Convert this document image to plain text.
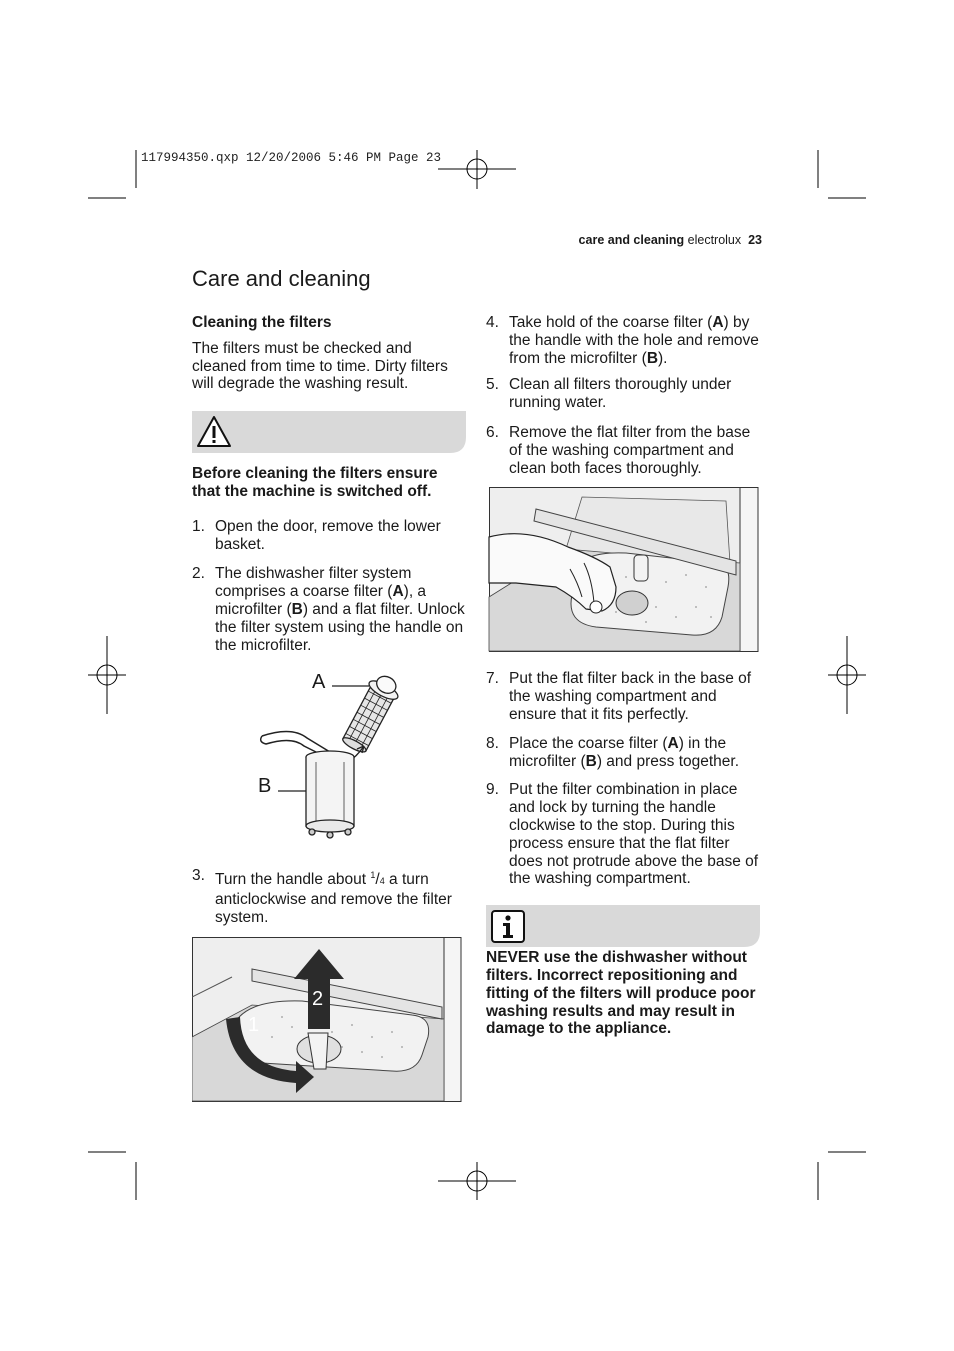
117994350.qxp 12/20/2006 5:46 PM Page 23
care and cleaning electrolux 23
Care and cleaning
Cleaning the filters

The filters must be checked and cleaned from time to time. Dirty filters will degrade the washing result.

Before cleaning the filters ensure that the machine is switched off.

1. Open the door, remove the lower basket.
2. The dishwasher filter system comprises a coarse filter (A), a microfilter (B) and a flat filter. Unlock the filter system using the handle on the microfilter.
A
B
3. Turn the handle about $^1$/4 a turn anticlockwise and remove the filter system.
2
1
4. Take hold of the coarse filter (A) by the handle with the hole and remove from the microfilter (B).
5. Clean all filters thoroughly under running water.
6. Remove the flat filter from the base of the washing compartment and clean both faces thoroughly.
7. Put the flat filter back in the base of the washing compartment and ensure that it fits perfectly.
8. Place the coarse filter (A) in the microfilter (B) and press together.
9. Put the filter combination in place and lock by turning the handle clockwise to the stop. During this process ensure that the flat filter does not protrude above the base of the washing compartment.

NEVER use the dishwasher without filters. Incorrect repositioning and fitting of the filters will produce poor washing results and may result in damage to the appliance.
